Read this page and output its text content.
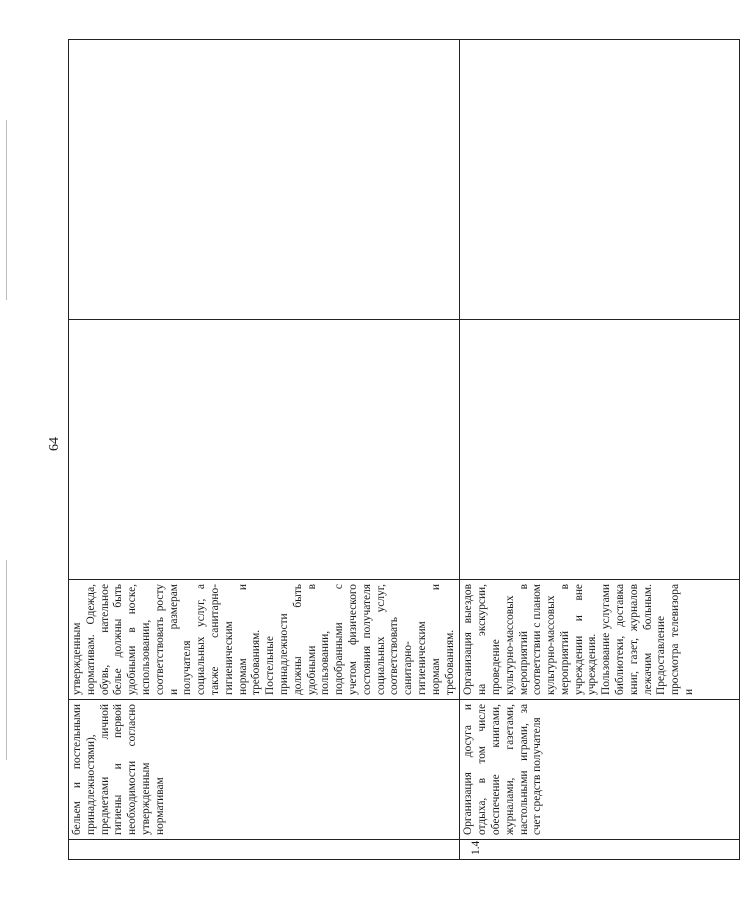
64
	бельем и постельными принадлежностями), предметами личной гигиены и первой необходимости согласно утвержденным нормативам	утвержденным нормативам. Одежда, обувь, нательное белье должны быть удобными в носке, использовании, соответствовать росту и размерам получателя социальных услуг, а также санитарно-гигиеническим нормам и требованиям. Постельные принадлежности должны быть удобными в пользовании, подобранными с учетом физического состояния получателя социальных услуг, соответствовать санитарно-гигиеническим нормам и требованиям.		
1.4	Организация досуга и отдыха, в том числе обеспечение книгами, журналами, газетами, настольными играми, за счет средств получателя	Организация выездов на экскурсии, проведение культурно-массовых мероприятий в соответствии с планом культурно-массовых мероприятий в учреждении и вне учреждения. Пользование услугами библиотеки, доставка книг, газет, журналов лежачим больным. Предоставление просмотра телевизора и		
